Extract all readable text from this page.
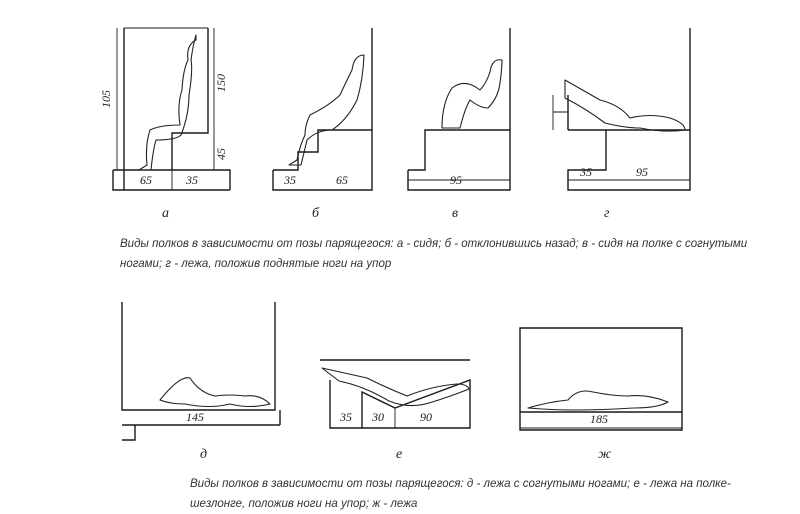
65	35
105
150
45
а
35	65
б
95
в
35	95
г
145
д
35 30	90
е
185
ж
Виды полков в зависимости от позы парящегося: а - сидя; б - отклонившись назад; в - сидя на полке с согнутыми
ногами; г - лежа, положив поднятые ноги на упор
Виды полков в зависимости от позы парящегося: д - лежа с согнутыми ногами; е - лежа на полке-
шезлонге, положив ноги на упор; ж - лежа
